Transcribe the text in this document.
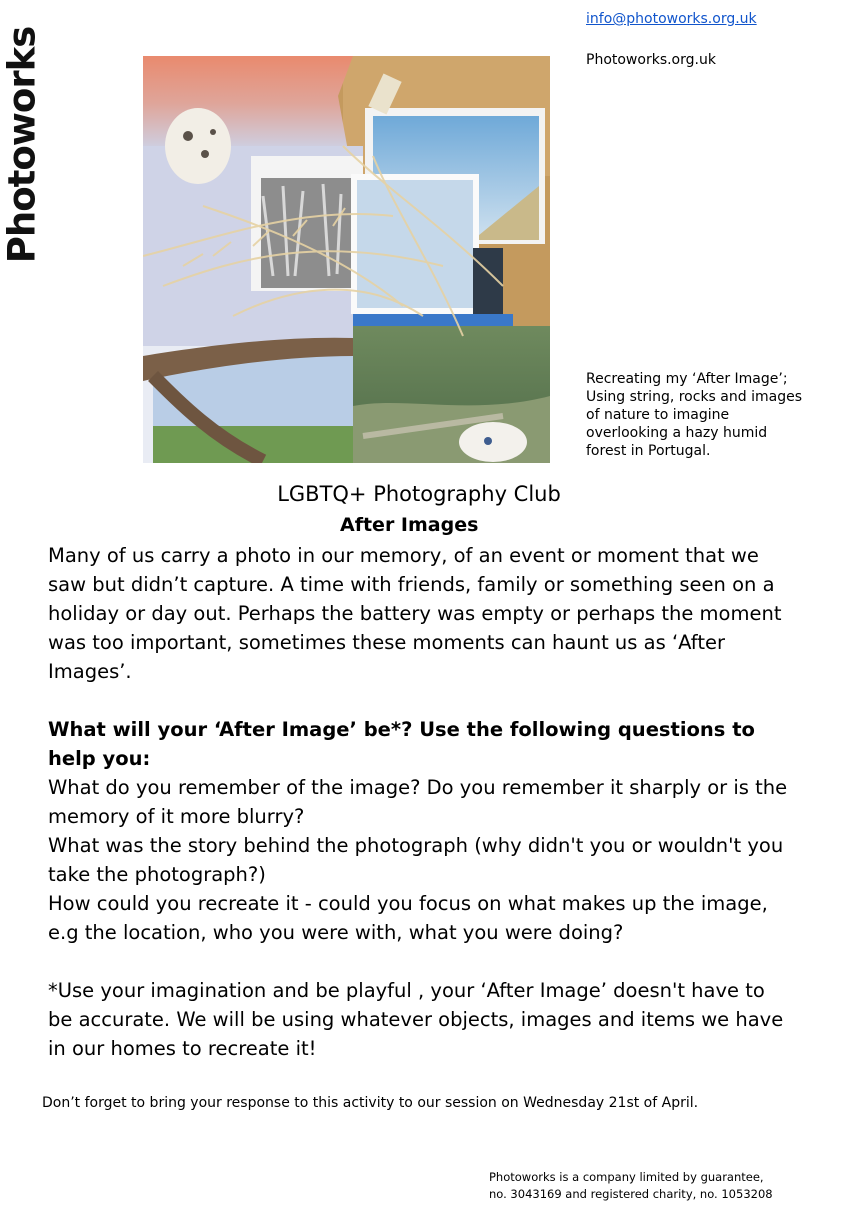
Photoworks
info@photoworks.org.uk
Photoworks.org.uk
Recreating my ‘After Image’; Using string, rocks and images of nature to imagine overlooking a hazy humid forest in Portugal.
LGBTQ+ Photography Club
After Images

Many of us carry a photo in our memory, of an event or moment that we saw but didn’t capture. A time with friends, family or something seen on a holiday or day out. Perhaps the battery was empty or perhaps the moment was too important, sometimes these moments can haunt us as ‘After Images’.

What will your ‘After Image’ be*? Use the following questions to help you:

What do you remember of the image? Do you remember it sharply or is the memory of it more blurry?

What was the story behind the photograph (why didn't you or wouldn't you take the photograph?)

How could you recreate it - could you focus on what makes up the image, e.g the location, who you were with, what you were doing?

*Use your imagination and be playful , your ‘After Image’ doesn't have to be accurate. We will be using whatever objects, images and items we have in our homes to recreate it!

Don’t forget to bring your response to this activity to our session on Wednesday 21st of April.
Photoworks is a company limited by guarantee,
no. 3043169 and registered charity, no. 1053208
